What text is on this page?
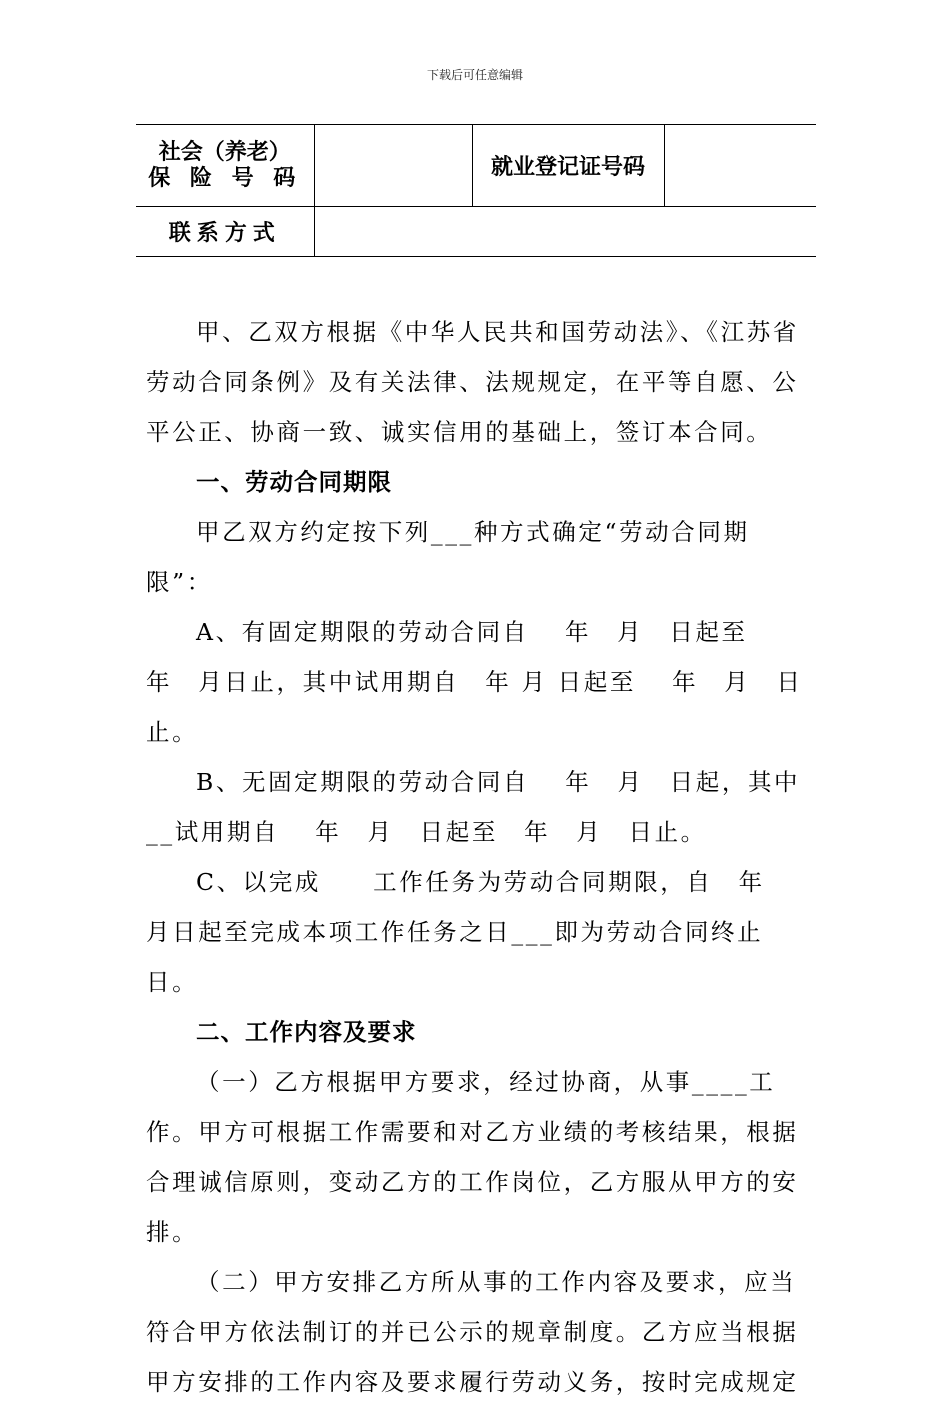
下载后可任意编辑
社会（养老）
保 险 号 码		就业登记证号码	
联系方式			

甲、乙双方根据《中华人民共和国劳动法》、《江苏省劳动合同条例》及有关法律、法规规定，在平等自愿、公平公正、协商一致、诚实信用的基础上，签订本合同。

一、劳动合同期限

甲乙双方约定按下列___种方式确定“劳动合同期限”：

A、有固定期限的劳动合同自　 年　月　日起至　 年　月日止，其中试用期自　年 月 日起至　 年　月　日止。

B、无固定期限的劳动合同自　 年　月　日起，其中__试用期自　 年　月　日起至　年　月　日止。

C、以完成　　工作任务为劳动合同期限，自　年　 月日起至完成本项工作任务之日___即为劳动合同终止日。

二、工作内容及要求

（一）乙方根据甲方要求，经过协商，从事____工作。甲方可根据工作需要和对乙方业绩的考核结果，根据合理诚信原则，变动乙方的工作岗位，乙方服从甲方的安排。

（二）甲方安排乙方所从事的工作内容及要求，应当符合甲方依法制订的并已公示的规章制度。乙方应当根据甲方安排的工作内容及要求履行劳动义务，按时完成规定
